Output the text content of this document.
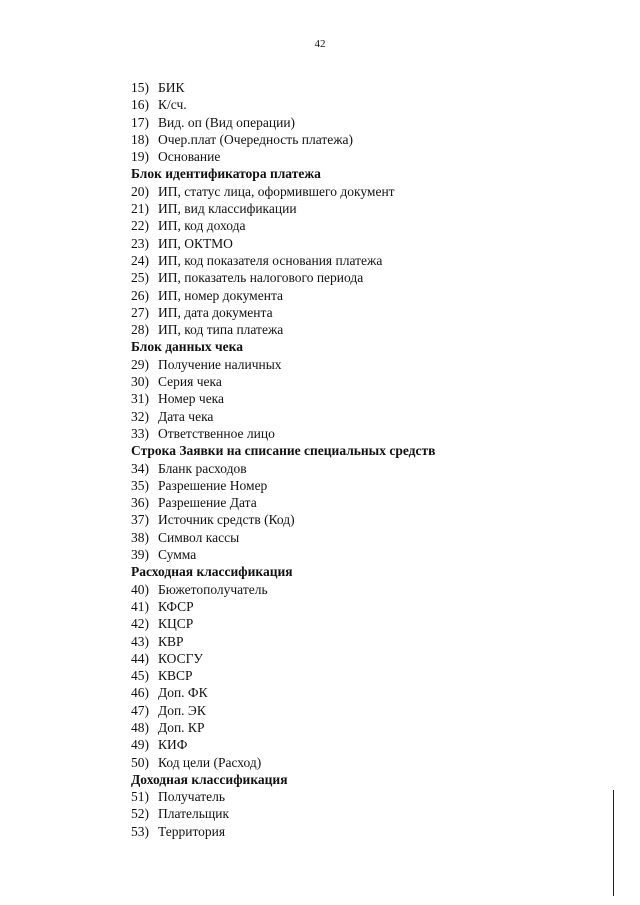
42
15) БИК
16) К/сч.
17) Вид. оп (Вид операции)
18) Очер.плат (Очередность платежа)
19) Основание
Блок идентификатора платежа
20) ИП, статус лица, оформившего документ
21) ИП, вид классификации
22) ИП, код дохода
23) ИП, ОКТМО
24) ИП, код показателя основания платежа
25) ИП, показатель налогового периода
26) ИП, номер документа
27) ИП, дата документа
28) ИП, код типа платежа
Блок данных чека
29) Получение наличных
30) Серия чека
31) Номер чека
32) Дата чека
33) Ответственное лицо
Строка Заявки на списание специальных средств
34) Бланк расходов
35) Разрешение Номер
36) Разрешение Дата
37) Источник средств (Код)
38) Символ кассы
39) Сумма
Расходная классификация
40) Бюжетополучатель
41) КФСР
42) КЦСР
43) КВР
44) КОСГУ
45) КВСР
46) Доп. ФК
47) Доп. ЭК
48) Доп. КР
49) КИФ
50) Код цели (Расход)
Доходная классификация
51) Получатель
52) Плательщик
53) Территория
